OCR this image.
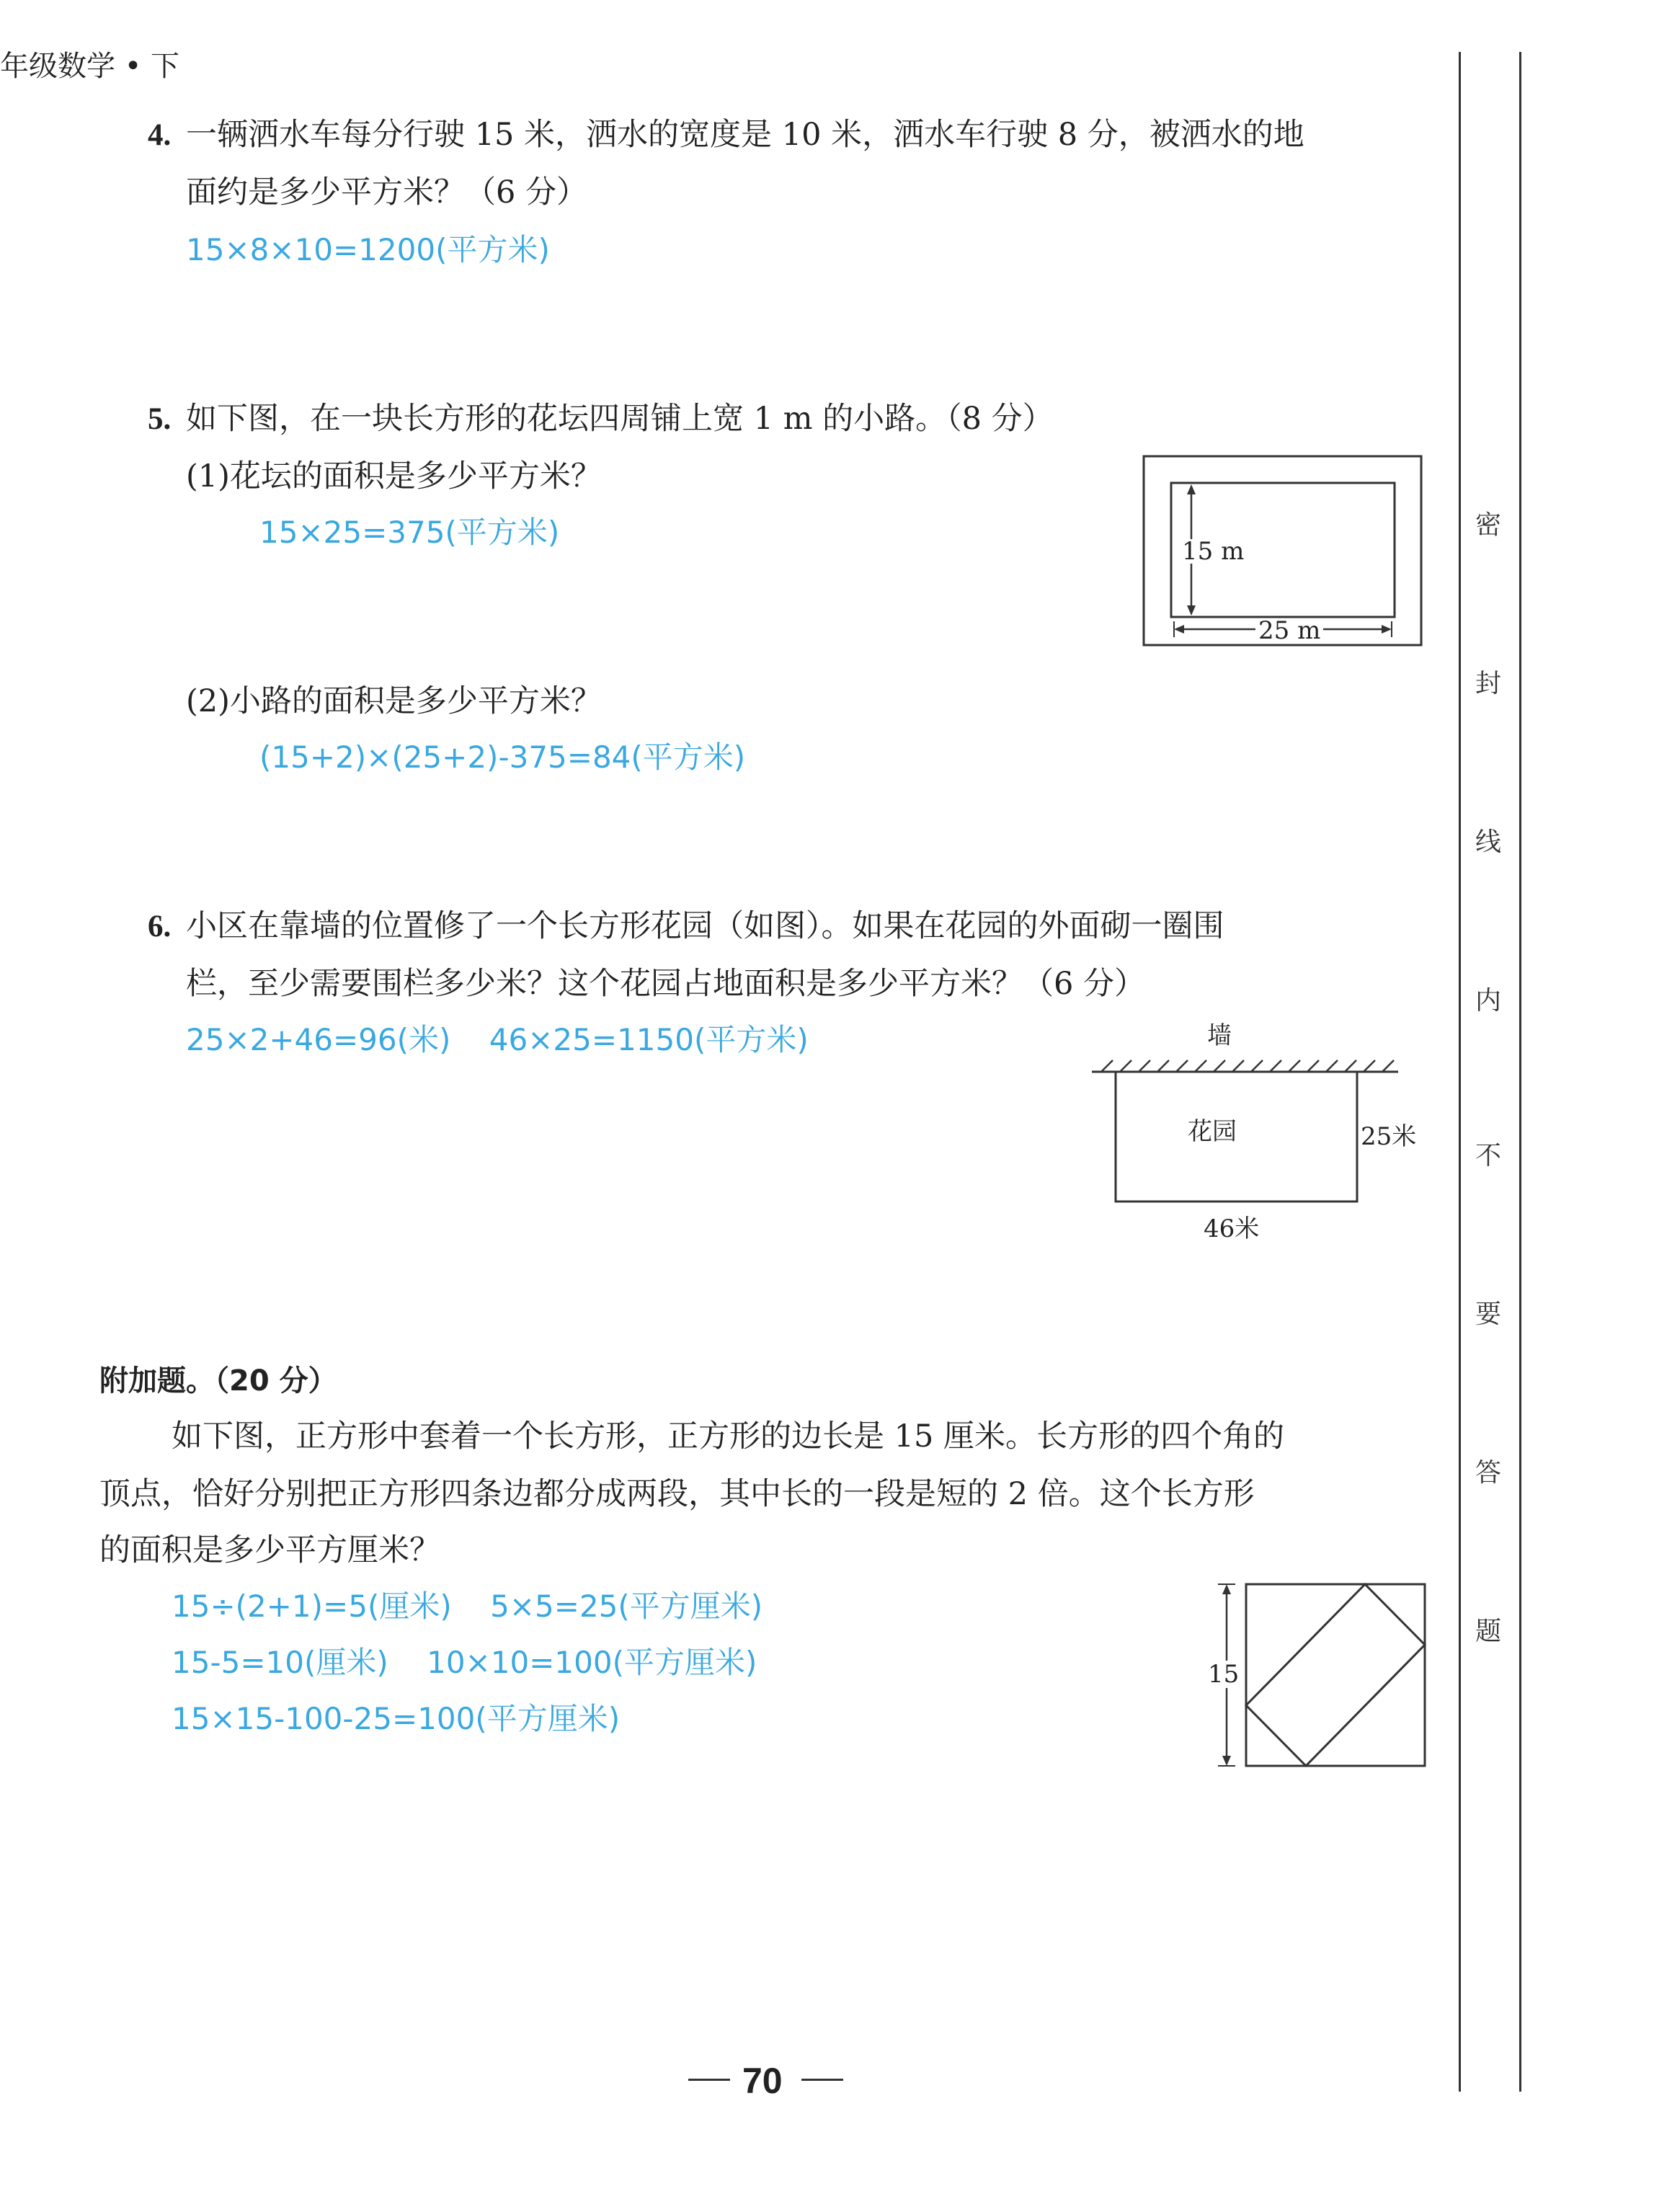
年级数学 • 下
4. 一辆洒水车每分行驶 15 米，洒水的宽度是 10 米，洒水车行驶 8 分，被洒水的地
面约是多少平方米？（6 分）
15×8×10=1200(平方米)
5. 如下图，在一块长方形的花坛四周铺上宽 1 m 的小路。（8 分）
(1)花坛的面积是多少平方米？
15×25=375(平方米)
(2)小路的面积是多少平方米？
(15+2)×(25+2)-375=84(平方米)
15 m
25 m
6. 小区在靠墙的位置修了一个长方形花园（如图）。如果在花园的外面砌一圈围
栏，至少需要围栏多少米？这个花园占地面积是多少平方米？（6 分）
25×2+46=96(米)    46×25=1150(平方米)	墙
花园	25米
46米
附加题。（20 分）
如下图，正方形中套着一个长方形，正方形的边长是 15 厘米。长方形的四个角的
顶点，恰好分别把正方形四条边都分成两段，其中长的一段是短的 2 倍。这个长方形
的面积是多少平方厘米？
15÷(2+1)=5(厘米)    5×5=25(平方厘米)
15-5=10(厘米)    10×10=100(平方厘米)
15×15-100-25=100(平方厘米)
15
密
封
线
内
不
要
答
题
70
